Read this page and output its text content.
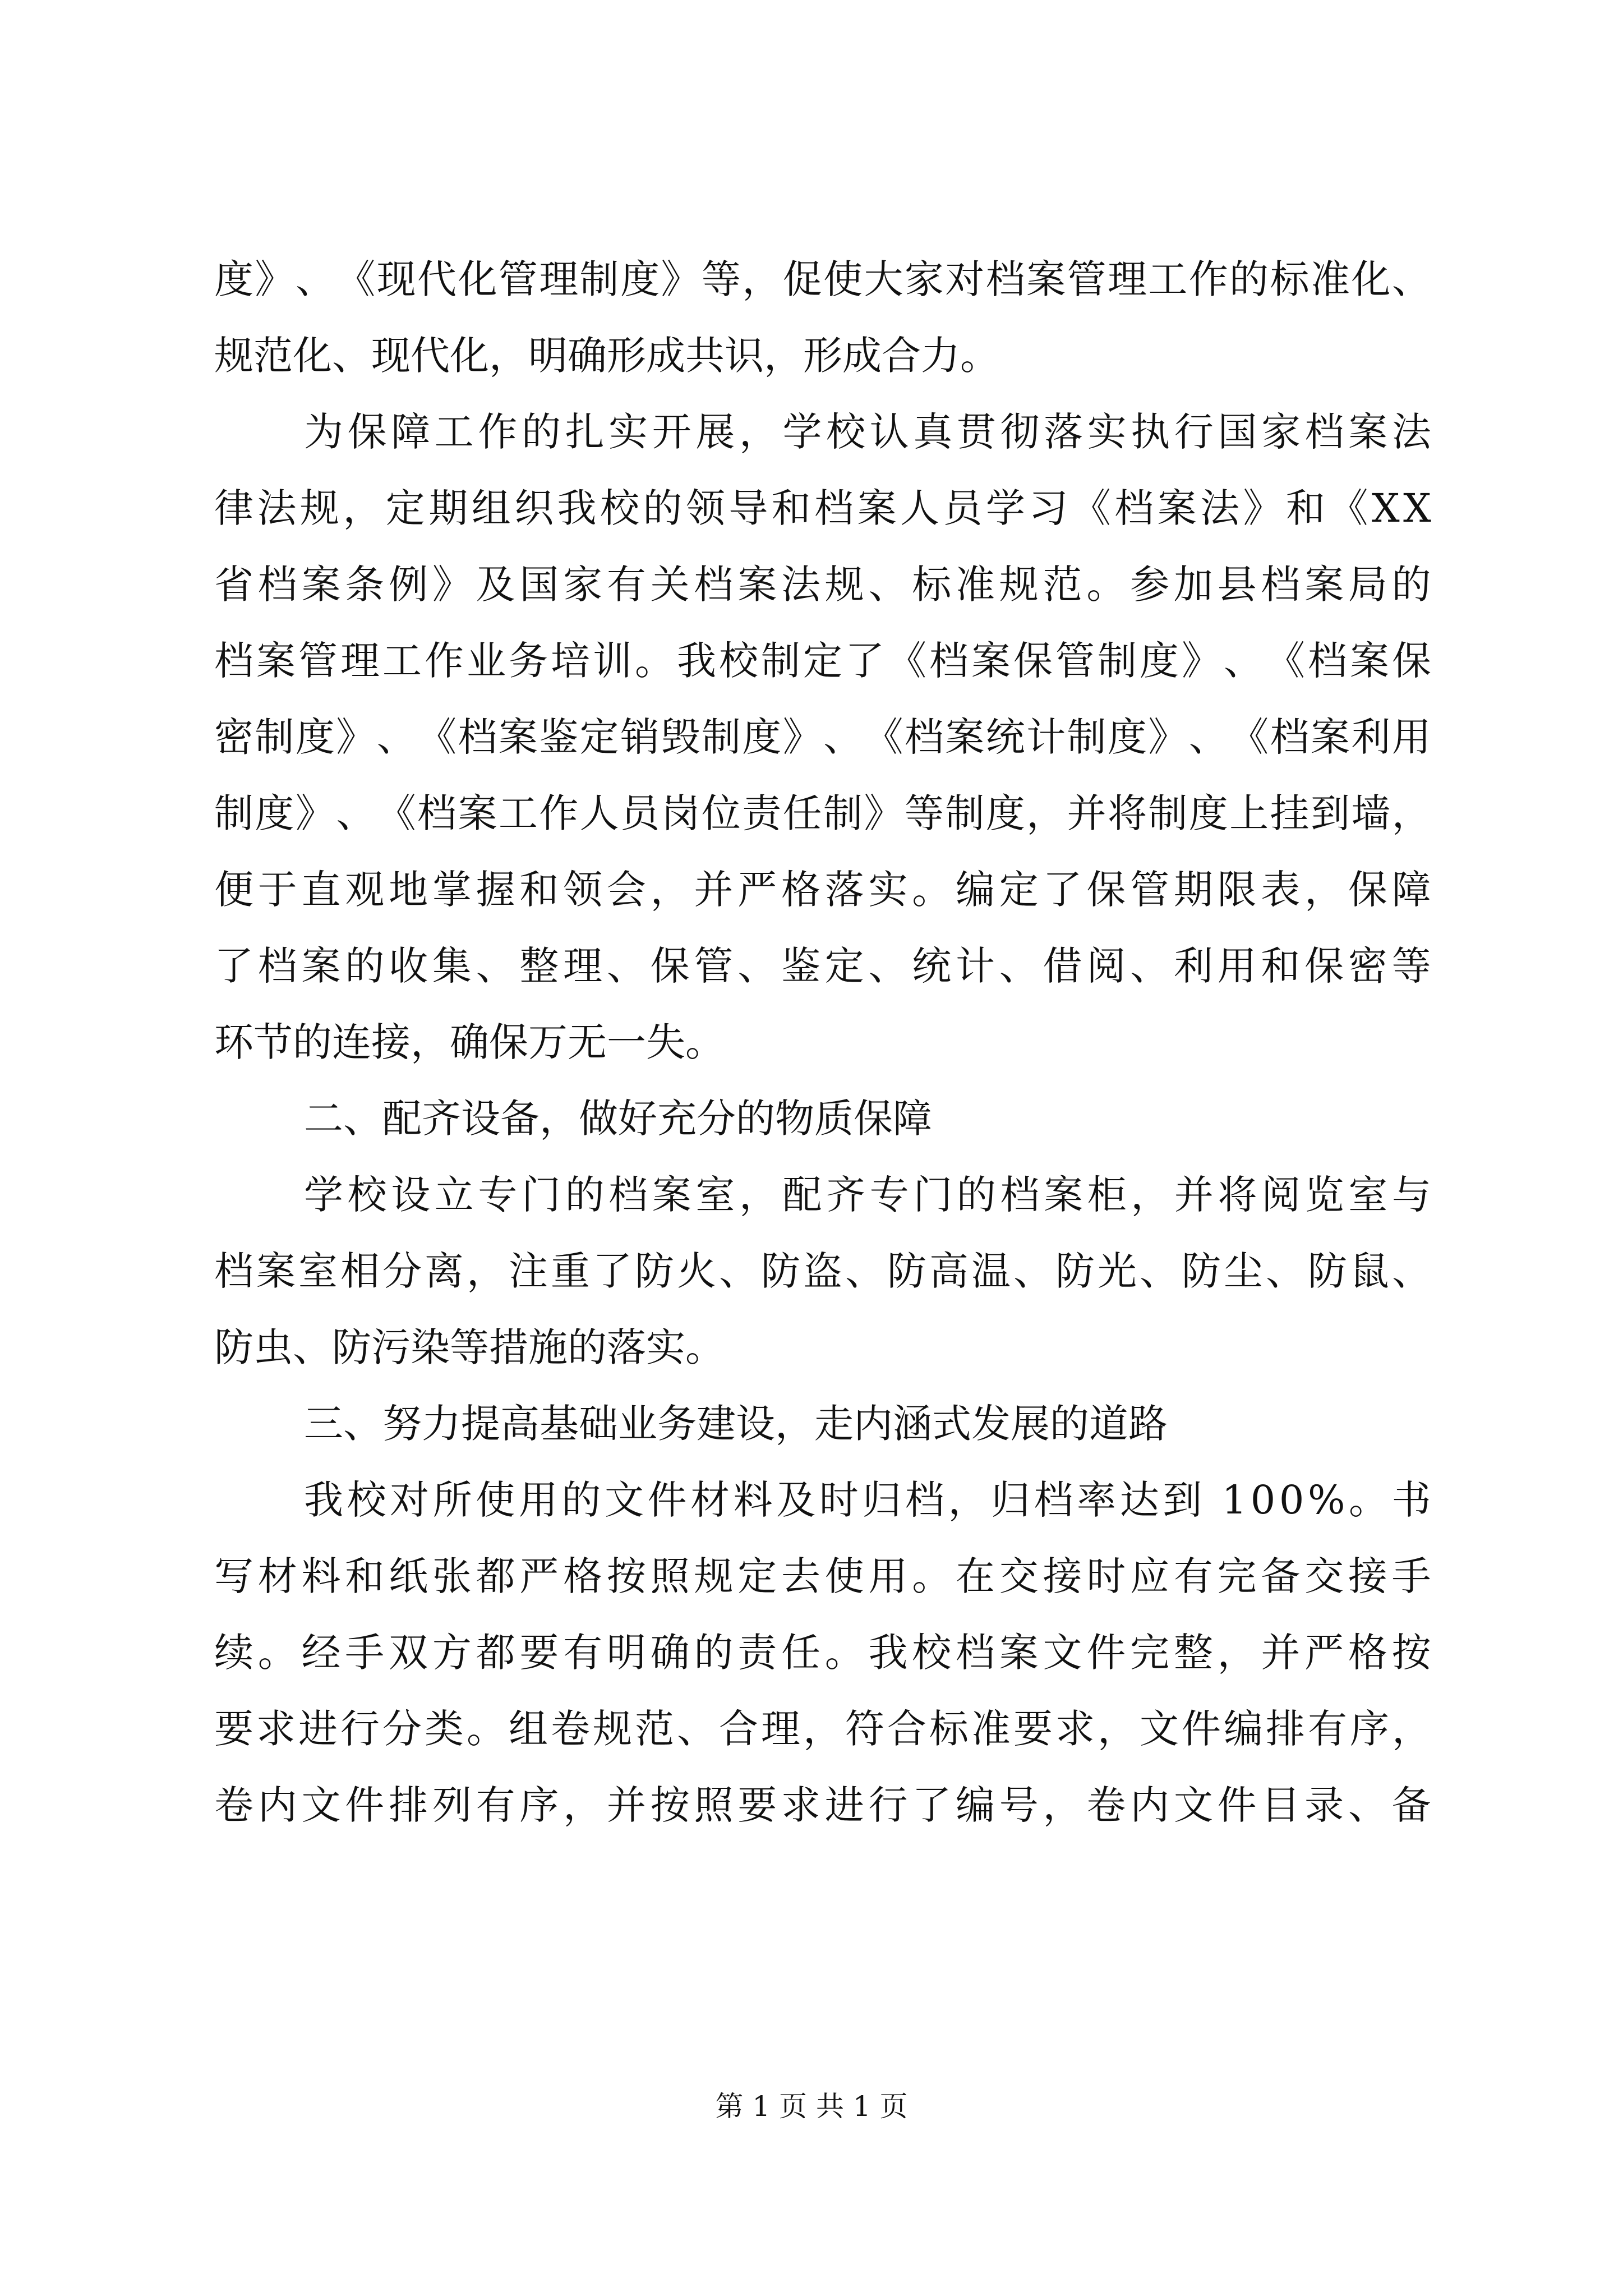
度 》 、 《 现 代 化 管 理 制 度 》 等 ， 促 使 大 家 对 档 案 管 理 工 作 的 标 准 化 、
规范化、现代化，明确形成共识，形成合力。
为 保 障 工 作 的 扎 实 开 展 ， 学 校 认 真 贯 彻 落 实 执 行 国 家 档 案 法
律 法 规 ， 定 期 组 织 我 校 的 领 导 和 档 案 人 员 学 习 《 档 案 法 》 和 《 X X
省 档 案 条 例 》 及 国 家 有 关 档 案 法 规 、 标 准 规 范 。 参 加 县 档 案 局 的
档 案 管 理 工 作 业 务 培 训 。 我 校 制 定 了 《 档 案 保 管 制 度 》 、 《 档 案 保
密 制 度 》 、 《 档 案 鉴 定 销 毁 制 度 》 、 《 档 案 统 计 制 度 》 、 《 档 案 利 用
制 度 》 、 《 档 案 工 作 人 员 岗 位 责 任 制 》 等 制 度 ， 并 将 制 度 上 挂 到 墙 ，
便 于 直 观 地 掌 握 和 领 会 ， 并 严 格 落 实 。 编 定 了 保 管 期 限 表 ， 保 障
了 档 案 的 收 集 、 整 理 、 保 管 、 鉴 定 、 统 计 、 借 阅 、 利 用 和 保 密 等
环节的连接，确保万无一失。
二、配齐设备，做好充分的物质保障
学 校 设 立 专 门 的 档 案 室 ， 配 齐 专 门 的 档 案 柜 ， 并 将 阅 览 室 与
档 案 室 相 分 离 ， 注 重 了 防 火 、 防 盗 、 防 高 温 、 防 光 、 防 尘 、 防 鼠 、
防虫、防污染等措施的落实。
三、努力提高基础业务建设，走内涵式发展的道路
我 校 对 所 使 用 的 文 件 材 料 及 时 归 档 ， 归 档 率 达 到
1 0 0 % 。 书
写 材 料 和 纸 张 都 严 格 按 照 规 定 去 使 用 。 在 交 接 时 应 有 完 备 交 接 手
续 。 经 手 双 方 都 要 有 明 确 的 责 任 。 我 校 档 案 文 件 完 整 ， 并 严 格 按
要 求 进 行 分 类 。 组 卷 规 范 、 合 理 ， 符 合 标 准 要 求 ， 文 件 编 排 有 序 ，
卷 内 文 件 排 列 有 序 ， 并 按 照 要 求 进 行 了 编 号 ， 卷 内 文 件 目 录 、 备
第 1 页 共 1 页
